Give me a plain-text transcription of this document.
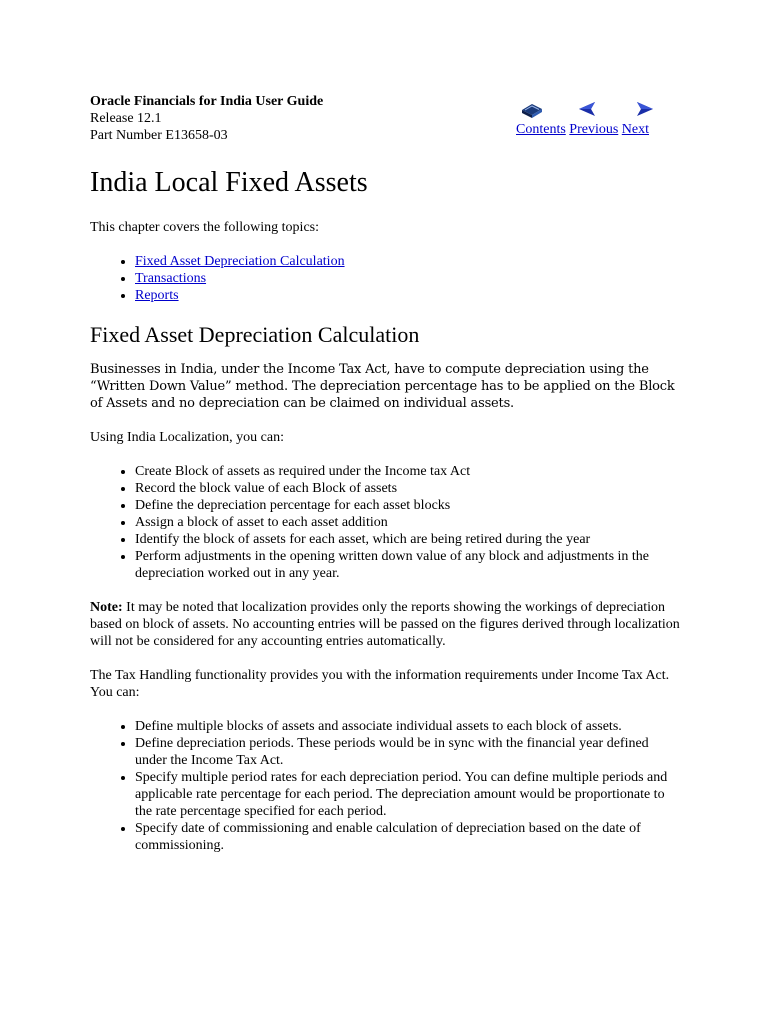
Oracle Financials for India User Guide
Release 12.1
Part Number E13658-03	Contents Previous Next
India Local Fixed Assets

This chapter covers the following topics:

• Fixed Asset Depreciation Calculation
• Transactions
• Reports
Fixed Asset Depreciation Calculation

Businesses in India, under the Income Tax Act, have to compute depreciation using the “Written Down Value” method. The depreciation percentage has to be applied on the Block of Assets and no depreciation can be claimed on individual assets.

Using India Localization, you can:

• Create Block of assets as required under the Income tax Act
• Record the block value of each Block of assets
• Define the depreciation percentage for each asset blocks
• Assign a block of asset to each asset addition
• Identify the block of assets for each asset, which are being retired during the year
• Perform adjustments in the opening written down value of any block and adjustments in the depreciation worked out in any year.

Note: It may be noted that localization provides only the reports showing the workings of depreciation based on block of assets. No accounting entries will be passed on the figures derived through localization will not be considered for any accounting entries automatically.

The Tax Handling functionality provides you with the information requirements under Income Tax Act. You can:

• Define multiple blocks of assets and associate individual assets to each block of assets.
• Define depreciation periods. These periods would be in sync with the financial year defined under the Income Tax Act.
• Specify multiple period rates for each depreciation period. You can define multiple periods and applicable rate percentage for each period. The depreciation amount would be proportionate to the rate percentage specified for each period.
• Specify date of commissioning and enable calculation of depreciation based on the date of commissioning.
